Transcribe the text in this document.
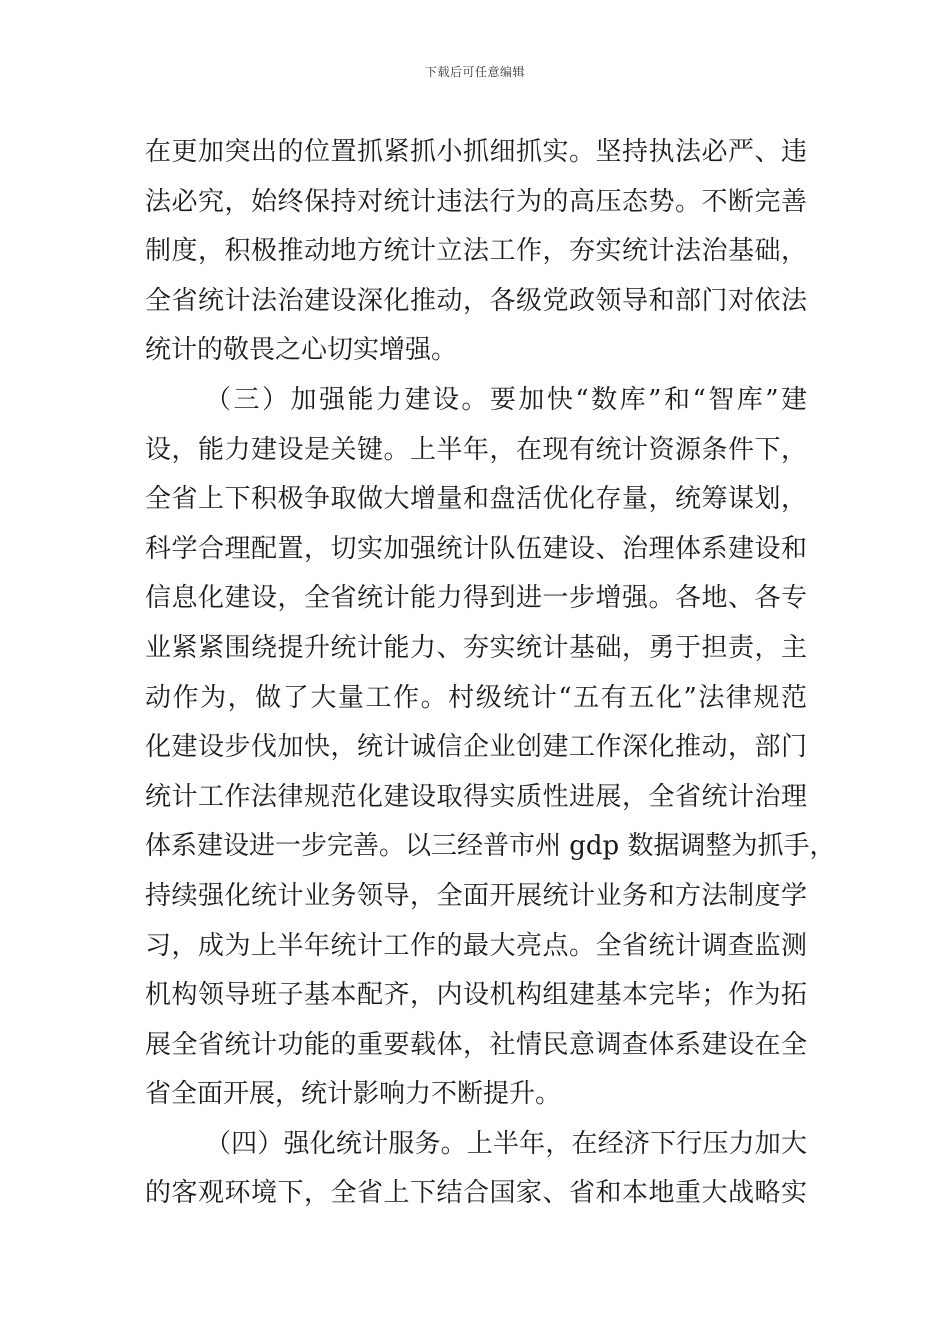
下载后可任意编辑
在更加突出的位置抓紧抓小抓细抓实。坚持执法必严、违
法必究，始终保持对统计违法行为的高压态势。不断完善
制度，积极推动地方统计立法工作，夯实统计法治基础，
全省统计法治建设深化推动，各级党政领导和部门对依法
统计的敬畏之心切实增强。
（三）加强能力建设。要加快“数库”和“智库”建
设，能力建设是关键。上半年，在现有统计资源条件下，
全省上下积极争取做大增量和盘活优化存量，统筹谋划，
科学合理配置，切实加强统计队伍建设、治理体系建设和
信息化建设，全省统计能力得到进一步增强。各地、各专
业紧紧围绕提升统计能力、夯实统计基础，勇于担责，主
动作为，做了大量工作。村级统计“五有五化”法律规范
化建设步伐加快，统计诚信企业创建工作深化推动，部门
统计工作法律规范化建设取得实质性进展，全省统计治理
体系建设进一步完善。以三经普市州 gdp 数据调整为抓手，
持续强化统计业务领导，全面开展统计业务和方法制度学
习，成为上半年统计工作的最大亮点。全省统计调查监测
机构领导班子基本配齐，内设机构组建基本完毕；作为拓
展全省统计功能的重要载体，社情民意调查体系建设在全
省全面开展，统计影响力不断提升。
（四）强化统计服务。上半年，在经济下行压力加大
的客观环境下，全省上下结合国家、省和本地重大战略实
